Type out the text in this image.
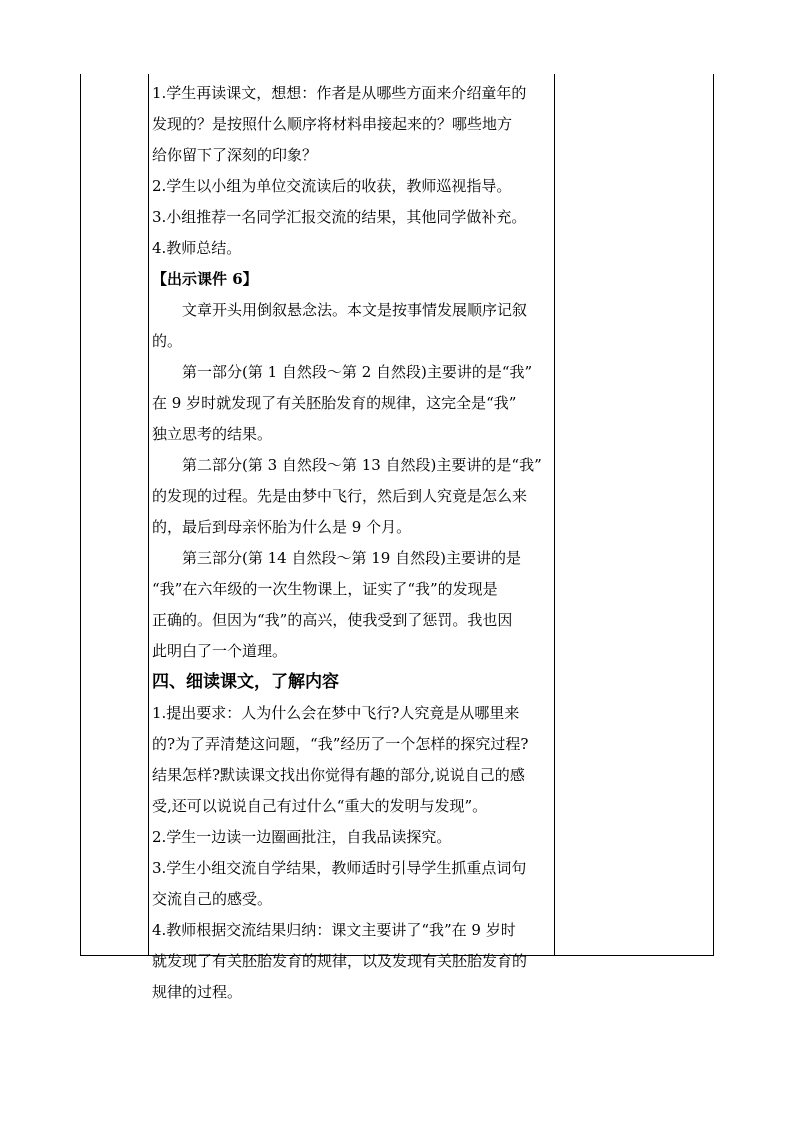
1.学生再读课文，想想：作者是从哪些方面来介绍童年的
发现的？是按照什么顺序将材料串接起来的？哪些地方
给你留下了深刻的印象？
2.学生以小组为单位交流读后的收获，教师巡视指导。
3.小组推荐一名同学汇报交流的结果，其他同学做补充。
4.教师总结。
【出示课件 6】
文章开头用倒叙悬念法。本文是按事情发展顺序记叙
的。
第一部分(第 1 自然段～第 2 自然段)主要讲的是“我”
在 9 岁时就发现了有关胚胎发育的规律，这完全是“我”
独立思考的结果。
第二部分(第 3 自然段～第 13 自然段)主要讲的是“我”
的发现的过程。先是由梦中飞行，然后到人究竟是怎么来
的，最后到母亲怀胎为什么是 9 个月。
第三部分(第 14 自然段～第 19 自然段)主要讲的是
“我”在六年级的一次生物课上，证实了“我”的发现是
正确的。但因为“我”的高兴，使我受到了惩罚。我也因
此明白了一个道理。
四、细读课文，了解内容
1.提出要求：人为什么会在梦中飞行?人究竟是从哪里来
的?为了弄清楚这问题，“我”经历了一个怎样的探究过程?
结果怎样?默读课文找出你觉得有趣的部分,说说自己的感
受,还可以说说自己有过什么“重大的发明与发现”。
2.学生一边读一边圈画批注，自我品读探究。
3.学生小组交流自学结果，教师适时引导学生抓重点词句
交流自己的感受。
4.教师根据交流结果归纳：课文主要讲了“我”在 9 岁时
就发现了有关胚胎发育的规律，以及发现有关胚胎发育的
规律的过程。
